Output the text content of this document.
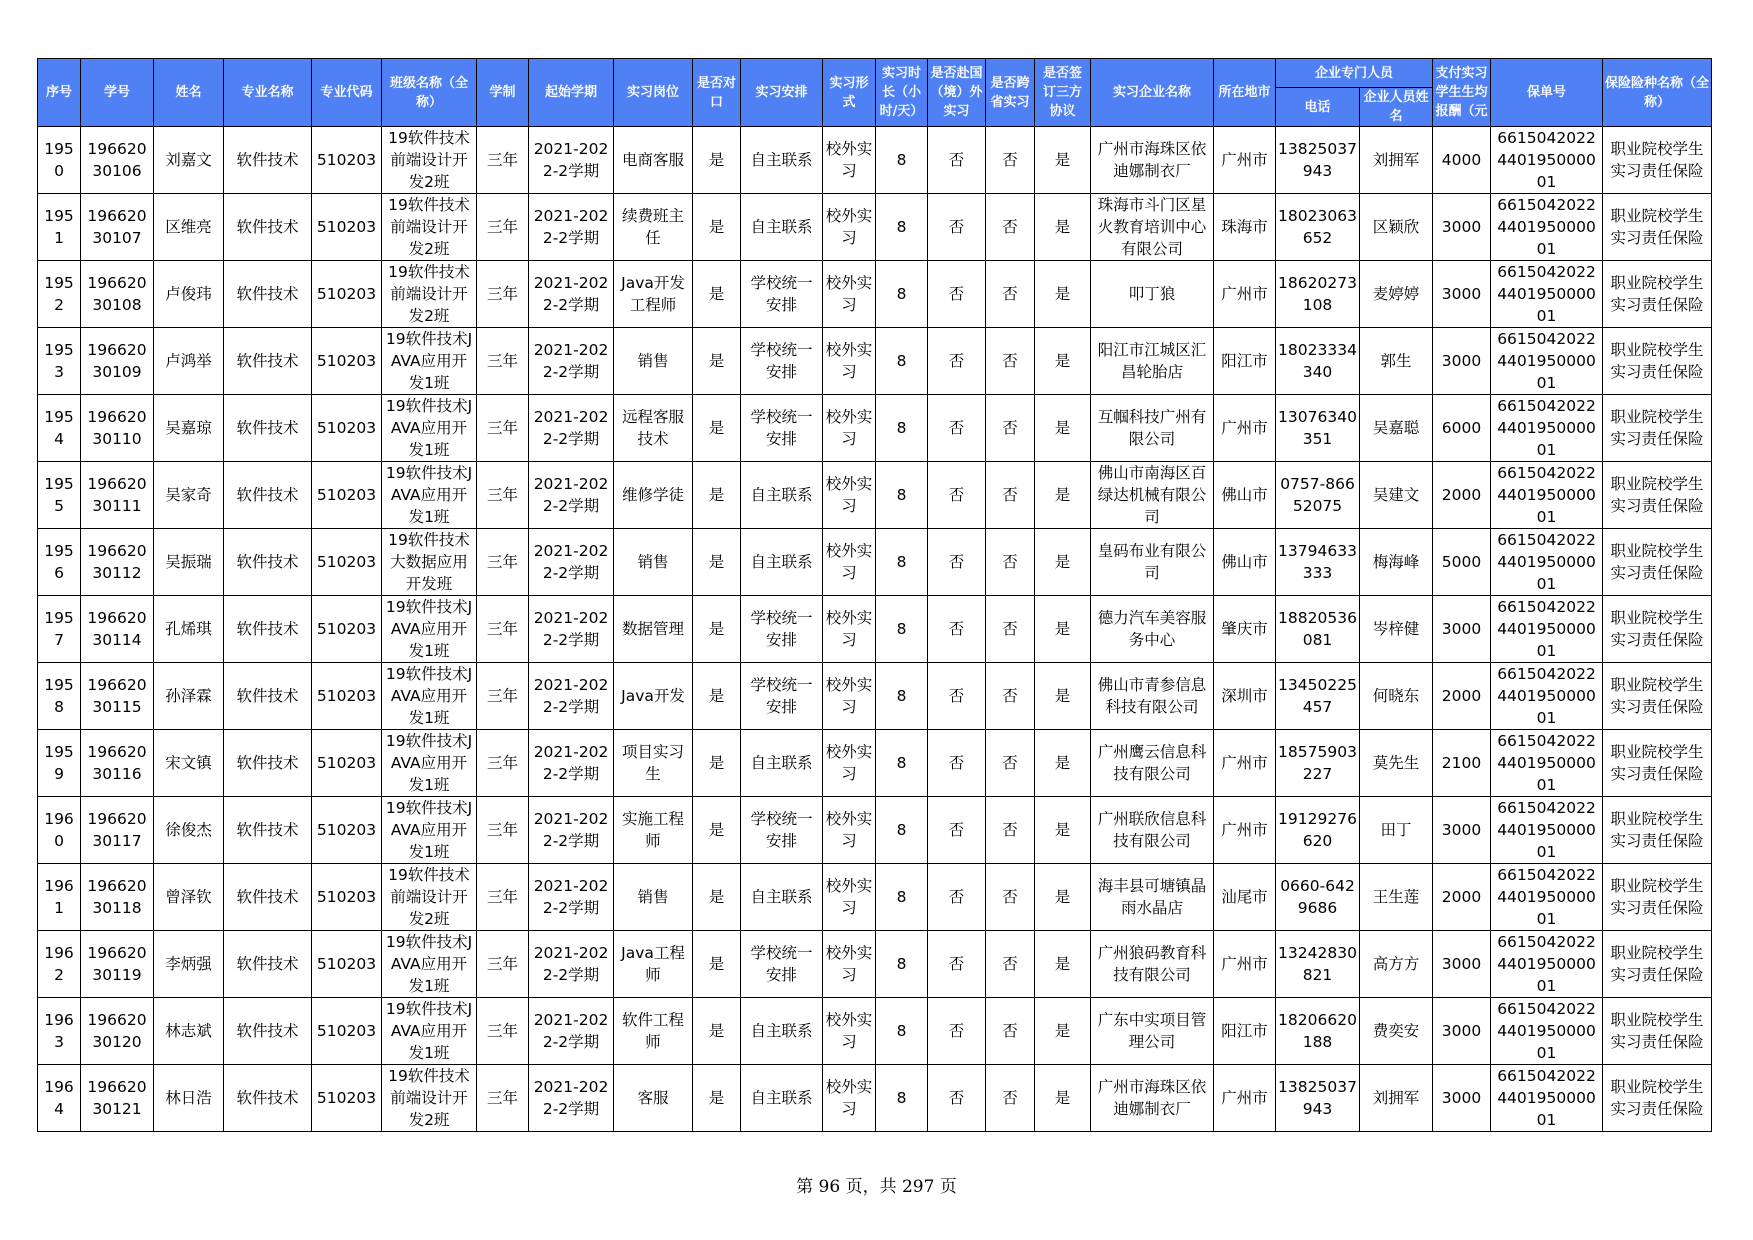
序号	学号	姓名	专业名称	专业代码	班级名称（全称）	学制	起始学期	实习岗位	是否对口	实习安排	实习形式	实习时长（小时/天）	是否赴国（境）外实习	是否跨省实习	是否签订三方协议	实习企业名称	所在地市	企业专门人员		支付实习学生生均报酬（元	保单号	保险险种名称（全称）
																		电话	企业人员姓名			
1950	19662030106	刘嘉文	软件技术	510203	19软件技术前端设计开发2班	三年	2021-2022-2学期	电商客服	是	自主联系	校外实习	8	否	否	是	广州市海珠区依迪娜制衣厂	广州市	13825037943	刘拥军	4000	6615042022440195000001	职业院校学生实习责任保险
1951	19662030107	区维亮	软件技术	510203	19软件技术前端设计开发2班	三年	2021-2022-2学期	续费班主任	是	自主联系	校外实习	8	否	否	是	珠海市斗门区星火教育培训中心有限公司	珠海市	18023063652	区颖欣	3000	6615042022440195000001	职业院校学生实习责任保险
1952	19662030108	卢俊玮	软件技术	510203	19软件技术前端设计开发2班	三年	2021-2022-2学期	Java开发工程师	是	学校统一安排	校外实习	8	否	否	是	叩丁狼	广州市	18620273108	麦婷婷	3000	6615042022440195000001	职业院校学生实习责任保险
1953	19662030109	卢鸿举	软件技术	510203	19软件技术JAVA应用开发1班	三年	2021-2022-2学期	销售	是	学校统一安排	校外实习	8	否	否	是	阳江市江城区汇昌轮胎店	阳江市	18023334340	郭生	3000	6615042022440195000001	职业院校学生实习责任保险
1954	19662030110	吴嘉琼	软件技术	510203	19软件技术JAVA应用开发1班	三年	2021-2022-2学期	远程客服技术	是	学校统一安排	校外实习	8	否	否	是	互帼科技广州有限公司	广州市	13076340351	吴嘉聪	6000	6615042022440195000001	职业院校学生实习责任保险
1955	19662030111	吴家奇	软件技术	510203	19软件技术JAVA应用开发1班	三年	2021-2022-2学期	维修学徒	是	自主联系	校外实习	8	否	否	是	佛山市南海区百绿达机械有限公司	佛山市	0757-86652075	吴建文	2000	6615042022440195000001	职业院校学生实习责任保险
1956	19662030112	吴振瑞	软件技术	510203	19软件技术大数据应用开发班	三年	2021-2022-2学期	销售	是	自主联系	校外实习	8	否	否	是	皇码布业有限公司	佛山市	13794633333	梅海峰	5000	6615042022440195000001	职业院校学生实习责任保险
1957	19662030114	孔烯琪	软件技术	510203	19软件技术JAVA应用开发1班	三年	2021-2022-2学期	数据管理	是	学校统一安排	校外实习	8	否	否	是	德力汽车美容服务中心	肇庆市	18820536081	岑梓健	3000	6615042022440195000001	职业院校学生实习责任保险
1958	19662030115	孙泽霖	软件技术	510203	19软件技术JAVA应用开发1班	三年	2021-2022-2学期	Java开发	是	学校统一安排	校外实习	8	否	否	是	佛山市青参信息科技有限公司	深圳市	13450225457	何晓东	2000	6615042022440195000001	职业院校学生实习责任保险
1959	19662030116	宋文镇	软件技术	510203	19软件技术JAVA应用开发1班	三年	2021-2022-2学期	项目实习生	是	自主联系	校外实习	8	否	否	是	广州鹰云信息科技有限公司	广州市	18575903227	莫先生	2100	6615042022440195000001	职业院校学生实习责任保险
1960	19662030117	徐俊杰	软件技术	510203	19软件技术JAVA应用开发1班	三年	2021-2022-2学期	实施工程师	是	学校统一安排	校外实习	8	否	否	是	广州联欣信息科技有限公司	广州市	19129276620	田丁	3000	6615042022440195000001	职业院校学生实习责任保险
1961	19662030118	曾泽钦	软件技术	510203	19软件技术前端设计开发2班	三年	2021-2022-2学期	销售	是	自主联系	校外实习	8	否	否	是	海丰县可塘镇晶雨水晶店	汕尾市	0660-6429686	王生莲	2000	6615042022440195000001	职业院校学生实习责任保险
1962	19662030119	李炳强	软件技术	510203	19软件技术JAVA应用开发1班	三年	2021-2022-2学期	Java工程师	是	学校统一安排	校外实习	8	否	否	是	广州狼码教育科技有限公司	广州市	13242830821	高方方	3000	6615042022440195000001	职业院校学生实习责任保险
1963	19662030120	林志斌	软件技术	510203	19软件技术JAVA应用开发1班	三年	2021-2022-2学期	软件工程师	是	自主联系	校外实习	8	否	否	是	广东中实项目管理公司	阳江市	18206620188	费奕安	3000	6615042022440195000001	职业院校学生实习责任保险
1964	19662030121	林日浩	软件技术	510203	19软件技术前端设计开发2班	三年	2021-2022-2学期	客服	是	自主联系	校外实习	8	否	否	是	广州市海珠区依迪娜制衣厂	广州市	13825037943	刘拥军	3000	6615042022440195000001	职业院校学生实习责任保险
第 96 页，共 297 页
